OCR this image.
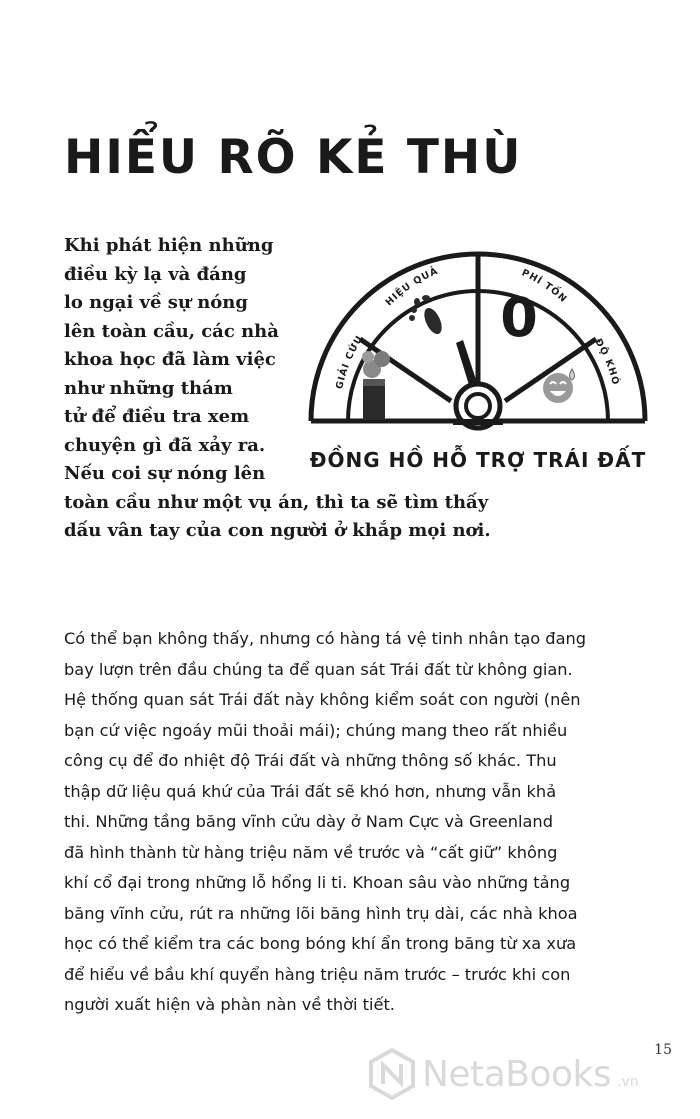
HIỂU RÕ KẺ THÙ

Khi phát hiện những
điều kỳ lạ và đáng
lo ngại về sự nóng
lên toàn cầu, các nhà
khoa học đã làm việc
như những thám
tử để điều tra xem
chuyện gì đã xảy ra.
Nếu coi sự nóng lên
toàn cầu như một vụ án, thì ta sẽ tìm thấy
dấu vân tay của con người ở khắp mọi nơi.

GIẢI CỨU
HIỆU QUẢ	PHÍ TỐN
ĐỘ KHÓ
0
ĐỒNG HỒ HỖ TRỢ TRÁI ĐẤT

Có thể bạn không thấy, nhưng có hàng tá vệ tinh nhân tạo đang
bay lượn trên đầu chúng ta để quan sát Trái đất từ không gian.
Hệ thống quan sát Trái đất này không kiểm soát con người (nên
bạn cứ việc ngoáy mũi thoải mái); chúng mang theo rất nhiều
công cụ để đo nhiệt độ Trái đất và những thông số khác. Thu
thập dữ liệu quá khứ của Trái đất sẽ khó hơn, nhưng vẫn khả
thi. Những tầng băng vĩnh cửu dày ở Nam Cực và Greenland
đã hình thành từ hàng triệu năm về trước và “cất giữ” không
khí cổ đại trong những lỗ hổng li ti. Khoan sâu vào những tảng
băng vĩnh cửu, rút ra những lõi băng hình trụ dài, các nhà khoa
học có thể kiểm tra các bong bóng khí ẩn trong băng từ xa xưa
để hiểu về bầu khí quyển hàng triệu năm trước – trước khi con
người xuất hiện và phàn nàn về thời tiết.

15
NetaBooks .vn
